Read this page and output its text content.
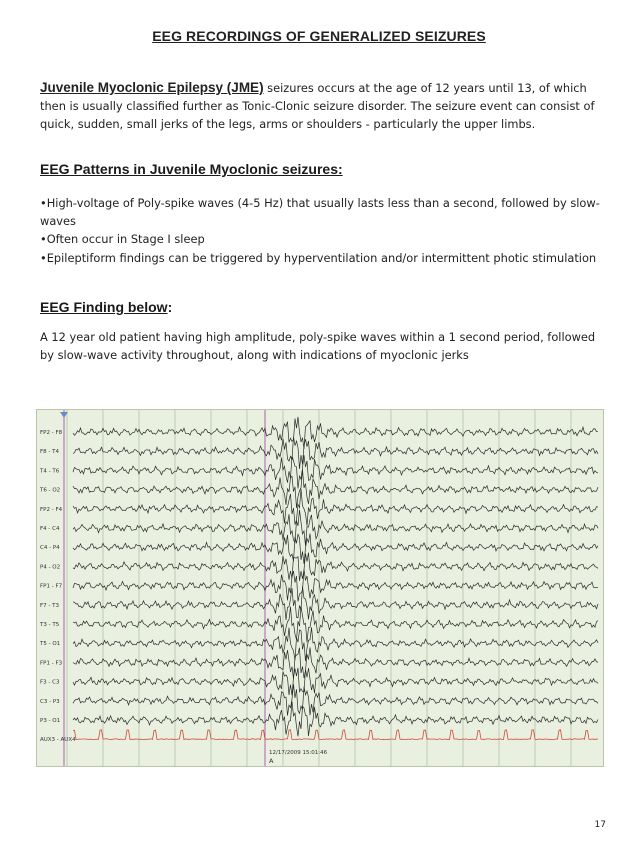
EEG RECORDINGS OF GENERALIZED SEIZURES
Juvenile Myoclonic Epilepsy (JME) seizures occurs at the age of 12 years until 13, of which then is usually classified further as Tonic-Clonic seizure disorder. The seizure event can consist of quick, sudden, small jerks of the legs, arms or shoulders - particularly the upper limbs.
EEG Patterns in Juvenile Myoclonic seizures:
•High-voltage of Poly-spike waves (4-5 Hz) that usually lasts less than a second, followed by slow-waves
•Often occur in Stage I sleep
•Epileptiform findings can be triggered by hyperventilation and/or intermittent photic stimulation
EEG Finding below:
A 12 year old patient having high amplitude, poly-spike waves within a 1 second period, followed by slow-wave activity throughout, along with indications of myoclonic jerks
FP2 - F8
F8 - T4
T4 - T6
T6 - O2
FP2 - F4
F4 - C4
C4 - P4
P4 - O2
FP1 - F7
F7 - T3
T3 - T5
T5 - O1
FP1 - F3
F3 - C3
C3 - P3
P3 - O1
AUX3 - AUX4
12/17/2009 15:01:46
A
17
